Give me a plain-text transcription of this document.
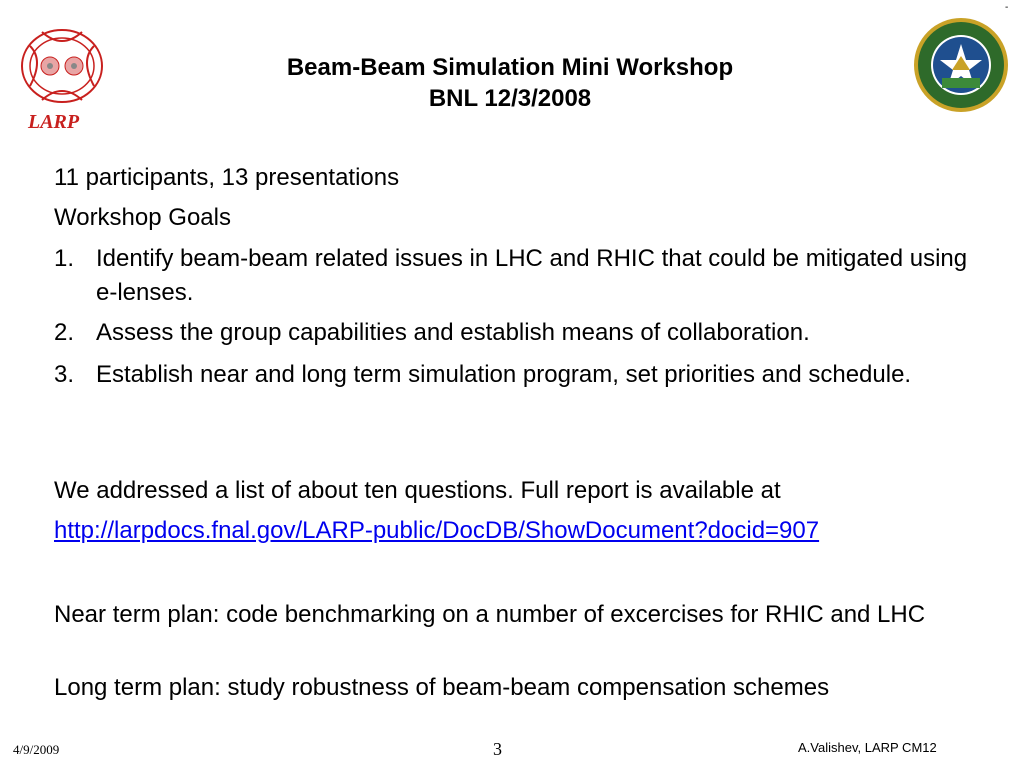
LARP
-
Beam-Beam Simulation Mini Workshop
BNL 12/3/2008
11 participants, 13 presentations
Workshop Goals
1. Identify beam-beam related issues in LHC and RHIC that could be mitigated using e-lenses.
2. Assess the group capabilities and establish means of collaboration.
3. Establish near and long term simulation program, set priorities and schedule.
We addressed a list of about ten questions. Full report is available at
http://larpdocs.fnal.gov/LARP-public/DocDB/ShowDocument?docid=907
Near term plan: code benchmarking on a number of excercises for RHIC and LHC
Long term plan: study robustness of beam-beam compensation schemes
4/9/2009	3	A.Valishev, LARP CM12
